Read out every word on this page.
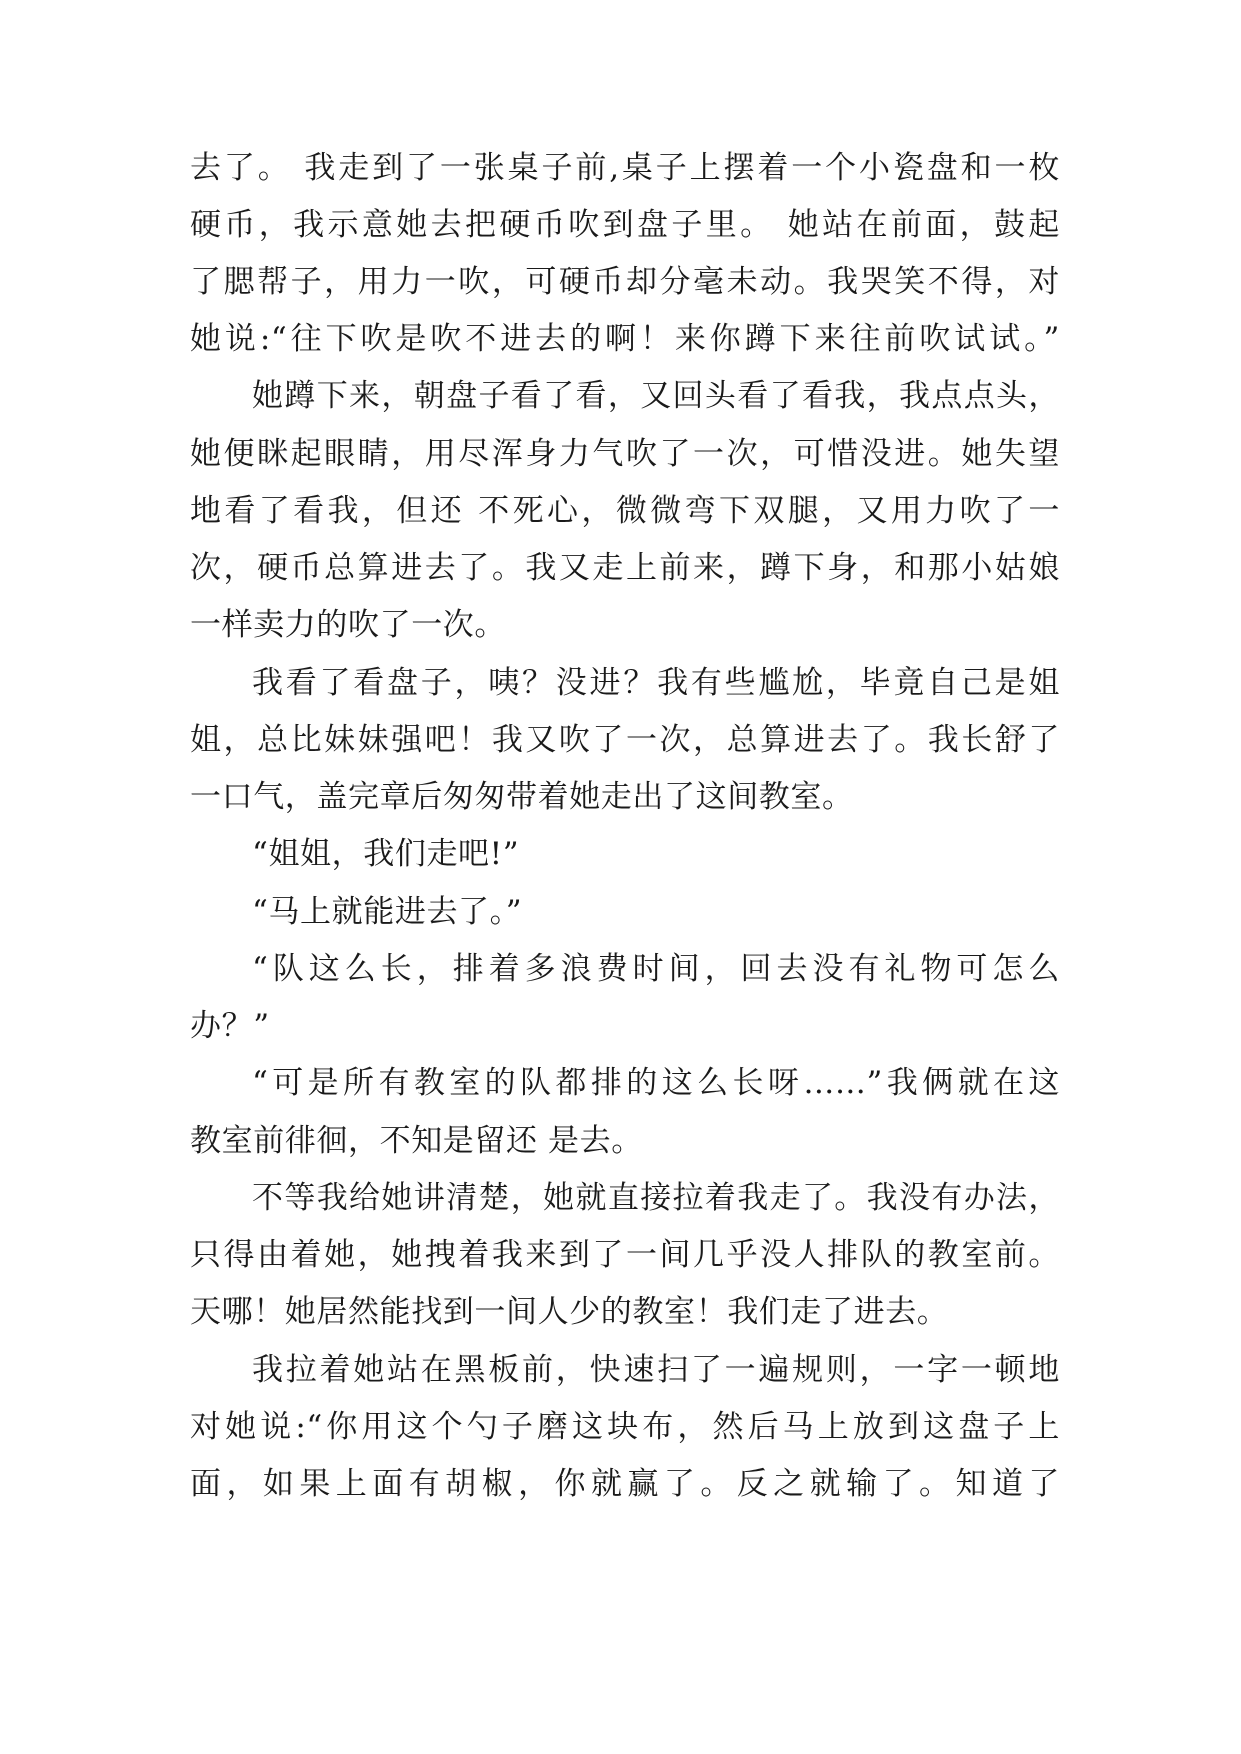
去了。 我走到了一张桌子前,桌子上摆着一个小瓷盘和一枚
硬币，我示意她去把硬币吹到盘子里。 她站在前面，鼓起
了腮帮子，用力一吹，可硬币却分毫未动。我哭笑不得，对
她说:“往下吹是吹不进去的啊！来你蹲下来往前吹试试。”
她蹲下来，朝盘子看了看，又回头看了看我，我点点头，
她便眯起眼睛，用尽浑身力气吹了一次，可惜没进。她失望
地看了看我，但还 不死心，微微弯下双腿，又用力吹了一
次，硬币总算进去了。我又走上前来，蹲下身，和那小姑娘
一样卖力的吹了一次。
我看了看盘子，咦？没进？我有些尴尬，毕竟自己是姐
姐，总比妹妹强吧！我又吹了一次，总算进去了。我长舒了
一口气，盖完章后匆匆带着她走出了这间教室。
“姐姐，我们走吧!”
“马上就能进去了。”
“队这么长，排着多浪费时间，回去没有礼物可怎么
办？”
“可是所有教室的队都排的这么长呀……”我俩就在这
教室前徘徊，不知是留还 是去。
不等我给她讲清楚，她就直接拉着我走了。我没有办法，
只得由着她，她拽着我来到了一间几乎没人排队的教室前。
天哪！她居然能找到一间人少的教室！我们走了进去。
我拉着她站在黑板前，快速扫了一遍规则，一字一顿地
对她说:“你用这个勺子磨这块布，然后马上放到这盘子上
面，如果上面有胡椒，你就赢了。反之就输了。知道了
